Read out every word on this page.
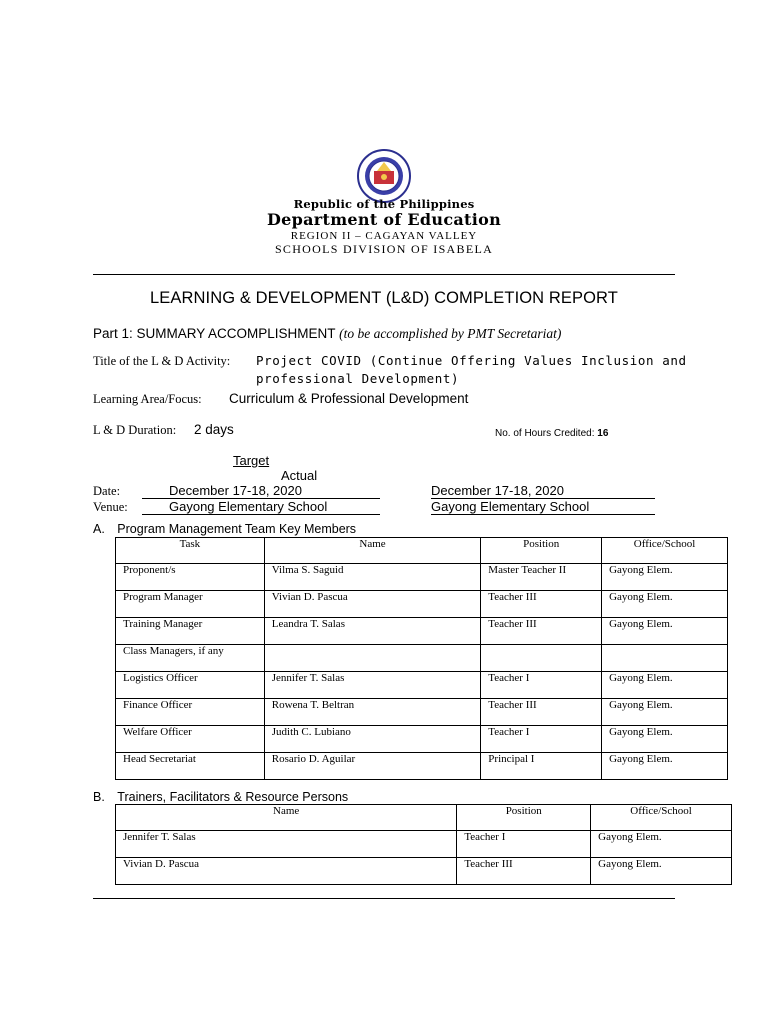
Republic of the Philippines
Department of Education
REGION II – CAGAYAN VALLEY
SCHOOLS DIVISION OF ISABELA
LEARNING & DEVELOPMENT (L&D) COMPLETION REPORT
Part 1: SUMMARY ACCOMPLISHMENT (to be accomplished by PMT Secretariat)
Title of the L & D Activity: Project COVID (Continue Offering Values Inclusion and
professional Development)
Learning Area/Focus: Curriculum & Professional Development
L & D Duration: 2 days	No. of Hours Credited: 16
Target
Actual
Date:	December 17-18, 2020	December 17-18, 2020
Venue:	Gayong Elementary School	Gayong Elementary School
A. Program Management Team Key Members
Task	Name	Position	Office/School
Proponent/s	Vilma S. Saguid	Master Teacher II	Gayong Elem.
Program Manager	Vivian D. Pascua	Teacher III	Gayong Elem.
Training Manager	Leandra T. Salas	Teacher III	Gayong Elem.
Class Managers, if any			
Logistics Officer	Jennifer T. Salas	Teacher I	Gayong Elem.
Finance Officer	Rowena T. Beltran	Teacher III	Gayong Elem.
Welfare Officer	Judith C. Lubiano	Teacher I	Gayong Elem.
Head Secretariat	Rosario D. Aguilar	Principal I	Gayong Elem.
B. Trainers, Facilitators & Resource Persons
Name	Position	Office/School
Jennifer T. Salas	Teacher I	Gayong Elem.
Vivian D. Pascua	Teacher III	Gayong Elem.
